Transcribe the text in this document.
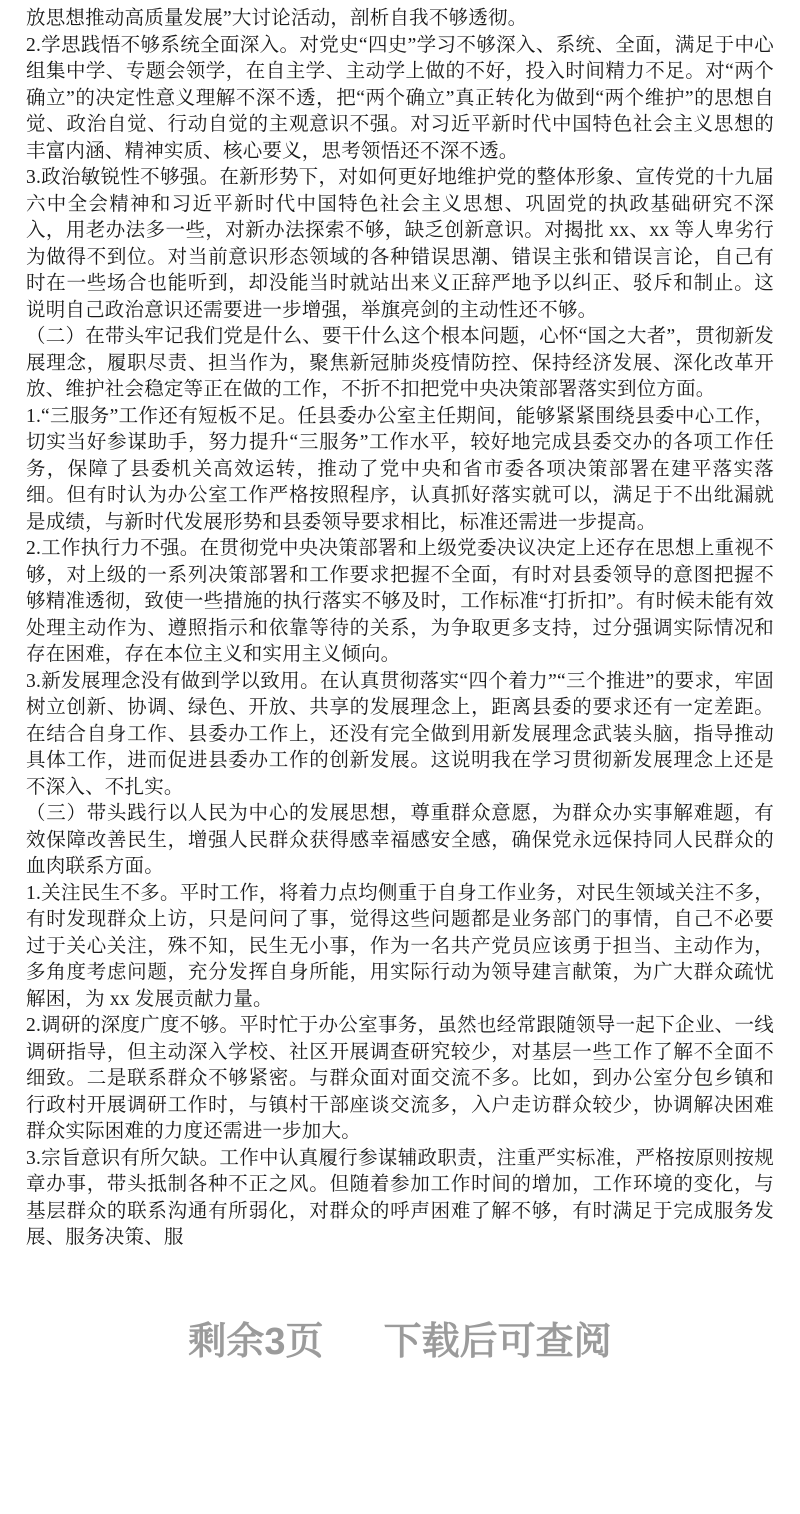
放思想推动高质量发展”大讨论活动，剖析自我不够透彻。

2.学思践悟不够系统全面深入。对党史“四史”学习不够深入、系统、全面，满足于中心组集中学、专题会领学，在自主学、主动学上做的不好，投入时间精力不足。对“两个确立”的决定性意义理解不深不透，把“两个确立”真正转化为做到“两个维护”的思想自觉、政治自觉、行动自觉的主观意识不强。对习近平新时代中国特色社会主义思想的丰富内涵、精神实质、核心要义，思考领悟还不深不透。

3.政治敏锐性不够强。在新形势下，对如何更好地维护党的整体形象、宣传党的十九届六中全会精神和习近平新时代中国特色社会主义思想、巩固党的执政基础研究不深入，用老办法多一些，对新办法探索不够，缺乏创新意识。对揭批 xx、xx 等人卑劣行为做得不到位。对当前意识形态领域的各种错误思潮、错误主张和错误言论，自己有时在一些场合也能听到，却没能当时就站出来义正辞严地予以纠正、驳斥和制止。这说明自己政治意识还需要进一步增强，举旗亮剑的主动性还不够。

（二）在带头牢记我们党是什么、要干什么这个根本问题，心怀“国之大者”，贯彻新发展理念，履职尽责、担当作为，聚焦新冠肺炎疫情防控、保持经济发展、深化改革开放、维护社会稳定等正在做的工作，不折不扣把党中央决策部署落实到位方面。

1.“三服务”工作还有短板不足。任县委办公室主任期间，能够紧紧围绕县委中心工作，切实当好参谋助手，努力提升“三服务”工作水平，较好地完成县委交办的各项工作任务，保障了县委机关高效运转，推动了党中央和省市委各项决策部署在建平落实落细。但有时认为办公室工作严格按照程序，认真抓好落实就可以，满足于不出纰漏就是成绩，与新时代发展形势和县委领导要求相比，标准还需进一步提高。

2.工作执行力不强。在贯彻党中央决策部署和上级党委决议决定上还存在思想上重视不够，对上级的一系列决策部署和工作要求把握不全面，有时对县委领导的意图把握不够精准透彻，致使一些措施的执行落实不够及时，工作标准“打折扣”。有时候未能有效处理主动作为、遵照指示和依靠等待的关系，为争取更多支持，过分强调实际情况和存在困难，存在本位主义和实用主义倾向。

3.新发展理念没有做到学以致用。在认真贯彻落实“四个着力”“三个推进”的要求，牢固树立创新、协调、绿色、开放、共享的发展理念上，距离县委的要求还有一定差距。在结合自身工作、县委办工作上，还没有完全做到用新发展理念武装头脑，指导推动具体工作，进而促进县委办工作的创新发展。这说明我在学习贯彻新发展理念上还是不深入、不扎实。

（三）带头践行以人民为中心的发展思想，尊重群众意愿，为群众办实事解难题，有效保障改善民生，增强人民群众获得感幸福感安全感，确保党永远保持同人民群众的血肉联系方面。

1.关注民生不多。平时工作，将着力点均侧重于自身工作业务，对民生领域关注不多，有时发现群众上访，只是问问了事，觉得这些问题都是业务部门的事情，自己不必要过于关心关注，殊不知，民生无小事，作为一名共产党员应该勇于担当、主动作为，多角度考虑问题，充分发挥自身所能，用实际行动为领导建言献策，为广大群众疏忧解困，为 xx 发展贡献力量。

2.调研的深度广度不够。平时忙于办公室事务，虽然也经常跟随领导一起下企业、一线调研指导，但主动深入学校、社区开展调查研究较少，对基层一些工作了解不全面不细致。二是联系群众不够紧密。与群众面对面交流不多。比如，到办公室分包乡镇和行政村开展调研工作时，与镇村干部座谈交流多，入户走访群众较少，协调解决困难群众实际困难的力度还需进一步加大。

3.宗旨意识有所欠缺。工作中认真履行参谋辅政职责，注重严实标准，严格按原则按规章办事，带头抵制各种不正之风。但随着参加工作时间的增加，工作环境的变化，与基层群众的联系沟通有所弱化，对群众的呼声困难了解不够，有时满足于完成服务发展、服务决策、服

剩余3页 下载后可查阅
